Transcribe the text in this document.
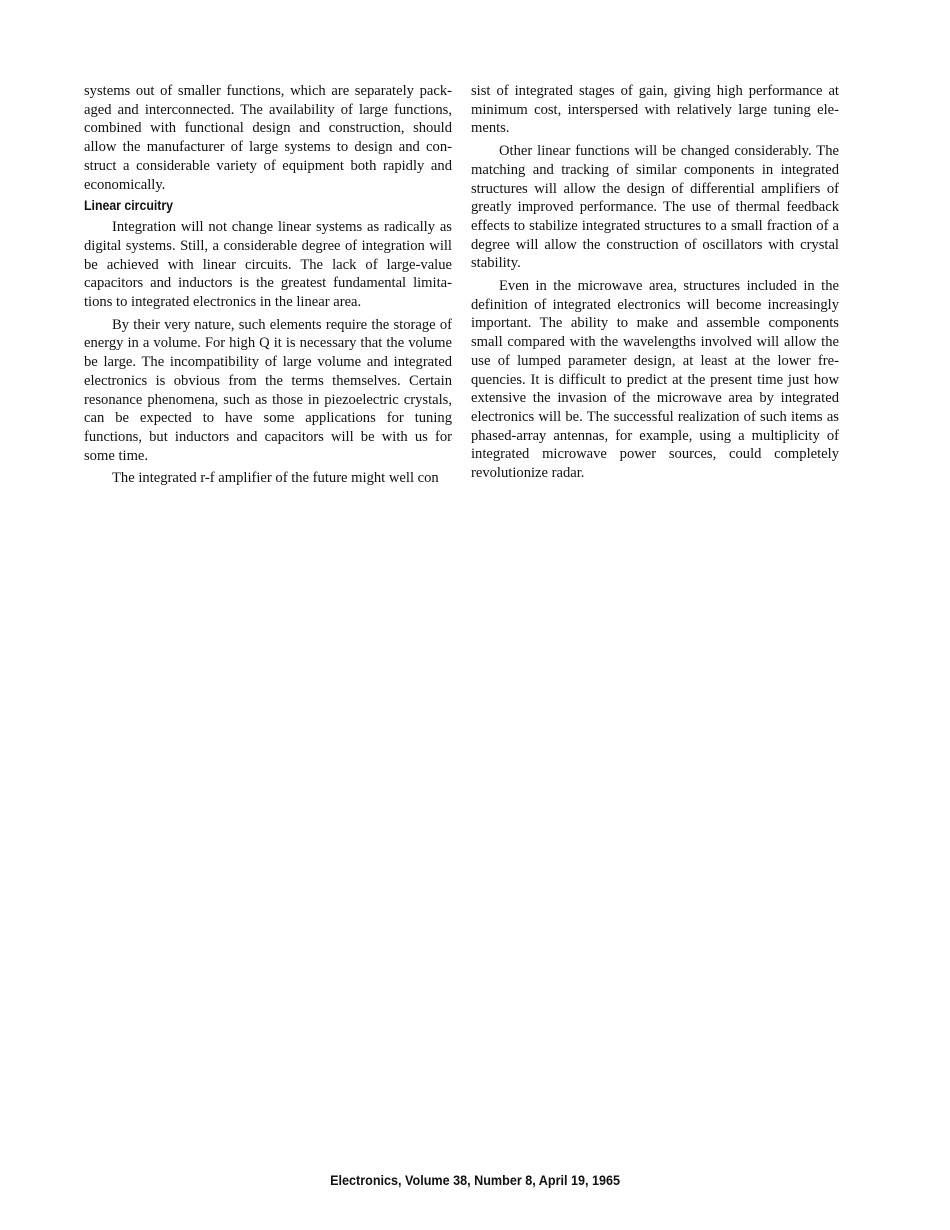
systems out of smaller functions, which are separately packaged and interconnected. The availability of large functions, combined with functional design and construction, should allow the manufacturer of large systems to design and construct a considerable variety of equipment both rapidly and economically.

Linear circuitry

Integration will not change linear systems as radically as digital systems. Still, a considerable degree of integration will be achieved with linear circuits. The lack of large-value capacitors and inductors is the greatest fundamental limitations to integrated electronics in the linear area.

By their very nature, such elements require the storage of energy in a volume. For high Q it is necessary that the volume be large. The incompatibility of large volume and integrated electronics is obvious from the terms themselves. Certain resonance phenomena, such as those in piezoelectric crystals, can be expected to have some applications for tuning functions, but inductors and capacitors will be with us for some time.

The integrated r-f amplifier of the future might well con

sist of integrated stages of gain, giving high performance at minimum cost, interspersed with relatively large tuning elements.

Other linear functions will be changed considerably. The matching and tracking of similar components in integrated structures will allow the design of differential amplifiers of greatly improved performance. The use of thermal feedback effects to stabilize integrated structures to a small fraction of a degree will allow the construction of oscillators with crystal stability.

Even in the microwave area, structures included in the definition of integrated electronics will become increasingly important. The ability to make and assemble components small compared with the wavelengths involved will allow the use of lumped parameter design, at least at the lower frequencies. It is difficult to predict at the present time just how extensive the invasion of the microwave area by integrated electronics will be. The successful realization of such items as phased-array antennas, for example, using a multiplicity of integrated microwave power sources, could completely revolutionize radar.

Electronics, Volume 38, Number 8, April 19, 1965
